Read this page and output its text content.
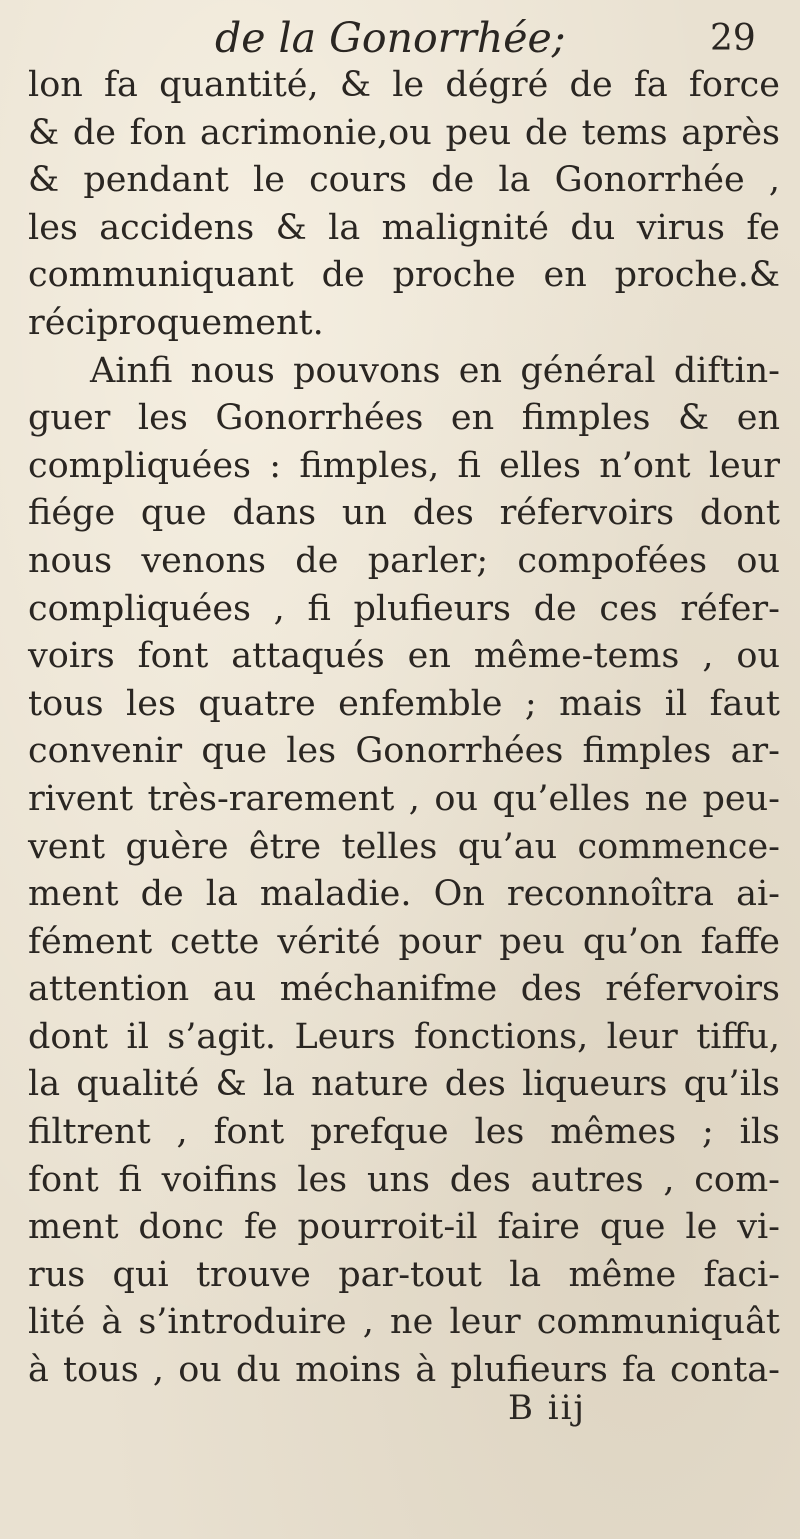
de la Gonorrhée;	29
lon fa quantité, & le dégré de fa force
& de fon acrimonie,ou peu de tems après
& pendant le cours de la Gonorrhée ,
les accidens & la malignité du virus fe
communiquant de proche en proche.&
réciproquement.
Ainfi nous pouvons en général diftin-
guer les Gonorrhées en fimples & en
compliquées : fimples, fi elles n’ont leur
fiége que dans un des réfervoirs dont
nous venons de parler; compofées ou
compliquées , fi plufieurs de ces réfer-
voirs font attaqués en même-tems , ou
tous les quatre enfemble ; mais il faut
convenir que les Gonorrhées fimples ar-
rivent très-rarement , ou qu’elles ne peu-
vent guère être telles qu’au commence-
ment de la maladie. On reconnoîtra ai-
fément cette vérité pour peu qu’on faffe
attention au méchanifme des réfervoirs
dont il s’agit. Leurs fonctions, leur tiffu,
la qualité & la nature des liqueurs qu’ils
filtrent , font prefque les mêmes ; ils
font fi voifins les uns des autres , com-
ment donc fe pourroit-il faire que le vi-
rus qui trouve par-tout la même faci-
lité à s’introduire , ne leur communiquât
à tous , ou du moins à plufieurs fa conta-
B iij
